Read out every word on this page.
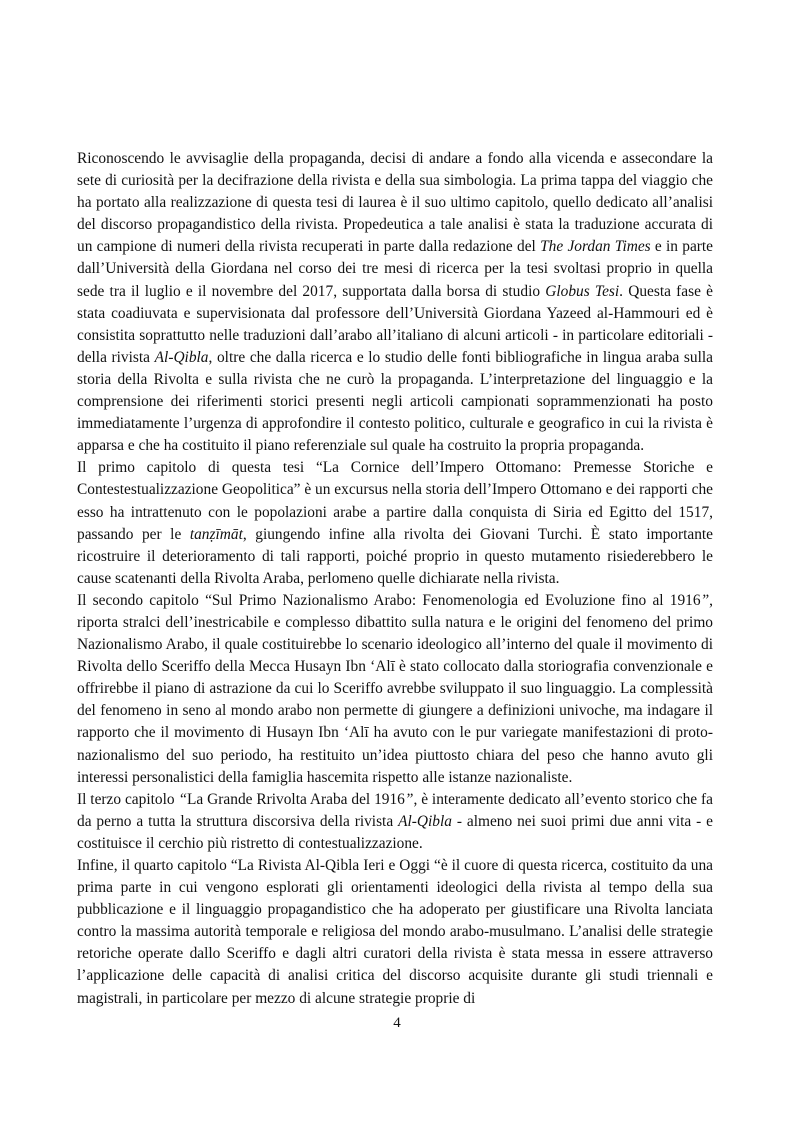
Riconoscendo le avvisaglie della propaganda, decisi di andare a fondo alla vicenda e assecondare la sete di curiosità per la decifrazione della rivista e della sua simbologia. La prima tappa del viaggio che ha portato alla realizzazione di questa tesi di laurea è il suo ultimo capitolo, quello dedicato all’analisi del discorso propagandistico della rivista. Propedeutica a tale analisi è stata la traduzione accurata di un campione di numeri della rivista recuperati in parte dalla redazione del The Jordan Times e in parte dall’Università della Giordana nel corso dei tre mesi di ricerca per la tesi svoltasi proprio in quella sede tra il luglio e il novembre del 2017, supportata dalla borsa di studio Globus Tesi. Questa fase è stata coadiuvata e supervisionata dal professore dell’Università Giordana Yazeed al-Hammouri ed è consistita soprattutto nelle traduzioni dall’arabo all’italiano di alcuni articoli - in particolare editoriali - della rivista Al-Qibla, oltre che dalla ricerca e lo studio delle fonti bibliografiche in lingua araba sulla storia della Rivolta e sulla rivista che ne curò la propaganda. L’interpretazione del linguaggio e la comprensione dei riferimenti storici presenti negli articoli campionati soprammenzionati ha posto immediatamente l’urgenza di approfondire il contesto politico, culturale e geografico in cui la rivista è apparsa e che ha costituito il piano referenziale sul quale ha costruito la propria propaganda.

Il primo capitolo di questa tesi “La Cornice dell’Impero Ottomano: Premesse Storiche e Contestestualizzazione Geopolitica” è un excursus nella storia dell’Impero Ottomano e dei rapporti che esso ha intrattenuto con le popolazioni arabe a partire dalla conquista di Siria ed Egitto del 1517, passando per le tanẓīmāt, giungendo infine alla rivolta dei Giovani Turchi. È stato importante ricostruire il deterioramento di tali rapporti, poiché proprio in questo mutamento risiederebbero le cause scatenanti della Rivolta Araba, perlomeno quelle dichiarate nella rivista.

Il secondo capitolo “Sul Primo Nazionalismo Arabo: Fenomenologia ed Evoluzione fino al 1916”, riporta stralci dell’inestricabile e complesso dibattito sulla natura e le origini del fenomeno del primo Nazionalismo Arabo, il quale costituirebbe lo scenario ideologico all’interno del quale il movimento di Rivolta dello Sceriffo della Mecca Husayn Ibn ‘Alī è stato collocato dalla storiografia convenzionale e offrirebbe il piano di astrazione da cui lo Sceriffo avrebbe sviluppato il suo linguaggio. La complessità del fenomeno in seno al mondo arabo non permette di giungere a definizioni univoche, ma indagare il rapporto che il movimento di Husayn Ibn ‘Alī ha avuto con le pur variegate manifestazioni di proto-nazionalismo del suo periodo, ha restituito un’idea piuttosto chiara del peso che hanno avuto gli interessi personalistici della famiglia hascemita rispetto alle istanze nazionaliste.

Il terzo capitolo “La Grande Rrivolta Araba del 1916”, è interamente dedicato all’evento storico che fa da perno a tutta la struttura discorsiva della rivista Al-Qibla - almeno nei suoi primi due anni vita - e costituisce il cerchio più ristretto di contestualizzazione.

Infine, il quarto capitolo “La Rivista Al-Qibla Ieri e Oggi “è il cuore di questa ricerca, costituito da una prima parte in cui vengono esplorati gli orientamenti ideologici della rivista al tempo della sua pubblicazione e il linguaggio propagandistico che ha adoperato per giustificare una Rivolta lanciata contro la massima autorità temporale e religiosa del mondo arabo-musulmano. L’analisi delle strategie retoriche operate dallo Sceriffo e dagli altri curatori della rivista è stata messa in essere attraverso l’applicazione delle capacità di analisi critica del discorso acquisite durante gli studi triennali e magistrali, in particolare per mezzo di alcune strategie proprie di

4
